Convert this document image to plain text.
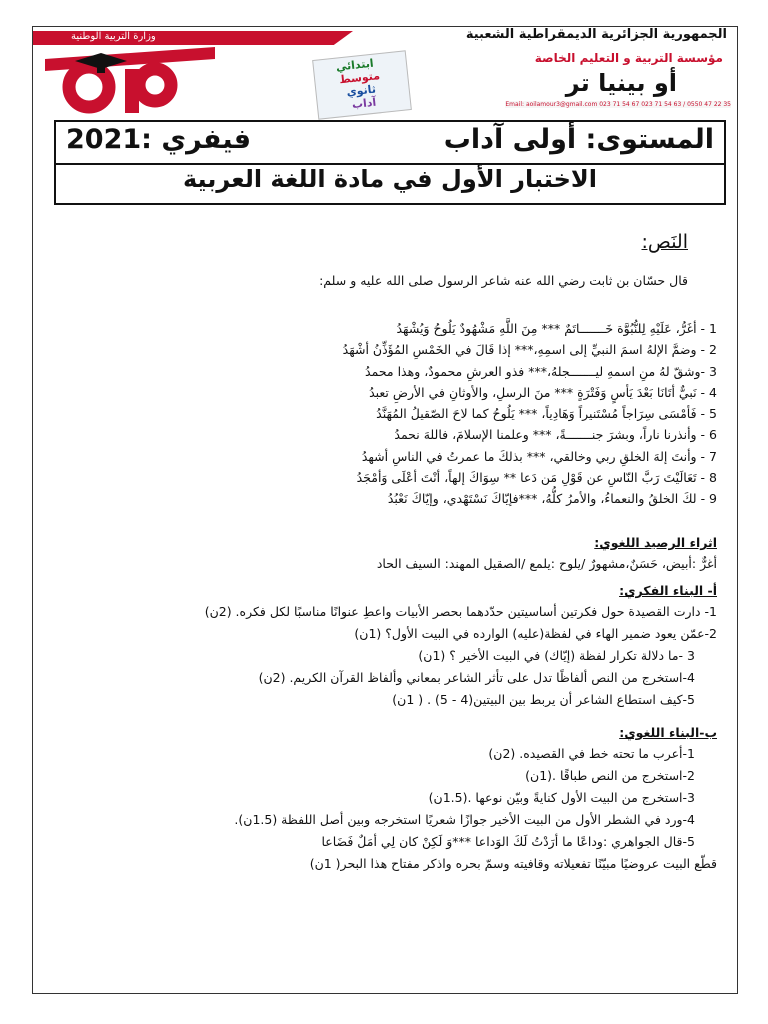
وزارة التربية الوطنية	الجمهورية الجزائرية الديمقراطية الشعبية
ابتدائي
متوسط
ثانوي
آداب
مؤسسة التربية و التعليم الخاصة
أو بينيا تر
Email: aoilamour3@gmail.com 023 71 54 67 023 71 54 63 / 0550 47 22 35
المستوى: أولى آداب
فيفري :2021
الاختبار الأول في مادة اللغة العربية
النَص:
قال حسّان بن ثابت رضي الله عنه شاعر الرسول صلى الله عليه و سلم:
1 - أغَرُّ، عَلَيْهِ لِلنُّبُوَّة خَـــــــاتَمٌ *** مِنَ اللَّهِ مَشْهُودٌ يَلُوحُ وَيُشْهَدُ
2 - وضمَّ الإلهُ اسمَ النبيِّ إلى اسمِهِ،*** إذا قَالَ في الخَمْسِ المُؤَذِّنُ أشْهَدُ
3 -وشقّ لهُ منِ اسمهِ ليـــــــجلهُ،*** فذو العرشِ محمودٌ، وهذا محمدُ
4 - نَبيٌّ أتَانَا بَعْدَ يَأسٍ وَفَتْرَةٍ *** منَ الرسلِ، والأوثانِ في الأرضِ تعبدُ
5 - فَأمْسَى سِرَاجاً مُسْتَنيراً وَهَادِياً، *** يَلُوحُ كما لاحَ الصّقيلُ المُهَنَّدُ
6 - وأنذرنا ناراً، وبشرَ جنـــــــةً، *** وعلمنا الإسلامَ، فاللهَ نحمدُ
7 - وأنتَ إلهَ الخلقِ ربي وخالقي، *** بذلكَ ما عمرتُ في الناسِ أشهدُ
8 - تَعَالَيْتَ رَبَّ النّاسِ عن قَوْلِ مَن دَعا ** سِوَاكَ إلهاً، أنْتَ أعْلَى وَأمْجَدُ
9 - لكَ الخلقُ والنعماءُ، والأمرُ كلُّهُ، ***فإيّاكَ نَسْتَهْدي، وإيّاكَ نَعْبُدُ
اثراء الرصيد اللغوي:
أغرٌّ :أبيض، حَسَنٌ،مشهورٌ /يلوح :يلمع /الصقيل المهند: السيف الحاد
أ- البناء الفكري:
1- دارت القصيدة حول فكرتين أساسيتين حدّدهما بحصر الأبيات واعطِ عنوانًا مناسبًا لكل فكره. (2ن)
2-عمّن يعود ضمير الهاء في لفظة(عليه) الوارده في البيت الأول؟ (1ن)
3 -ما دلالة تكرار لفظة (إيّاك) في البيت الأخير ؟ (1ن)
4-استخرج من النص ألفاظًا تدل على تأثر الشاعر بمعاني وألفاظ القرآن الكريم. (2ن)
5-كيف استطاع الشاعر أن يربط بين البيتين(4 - 5) . ( 1ن)
ب-البناء اللغوي:
1-أعرب ما تحته خط في القصيده. (2ن)
2-استخرج من النص طباقًا .(1ن)
3-استخرج من البيت الأول كنايةً وبيّن نوعها .(1.5ن)
4-ورد في الشطر الأول من البيت الأخير جوازًا شعريًا استخرجه وبين أصل اللفظة (1.5ن).
5-قال الجواهري :وداعًا ما أرَدْتُ لَكَ الوَداعا ***وَ لَكِنْ كان لِي أمَلٌ فَضَاعا
قطّع البيت عروضيًا مبيّنًا تفعيلاته وقافيته وسمّ بحره واذكر مفتاح هذا البحر( 1ن)
